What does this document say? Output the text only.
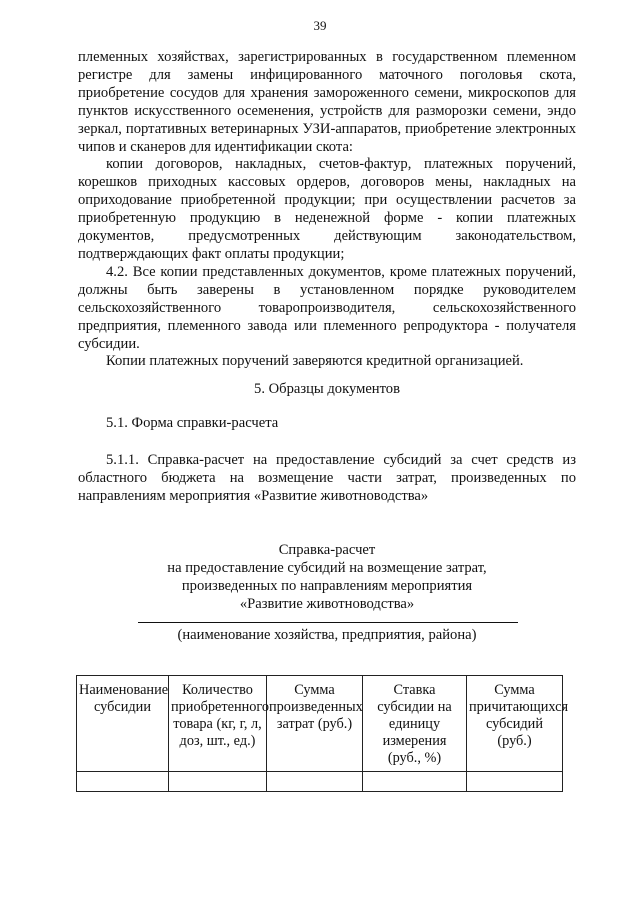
39

племенных хозяйствах, зарегистрированных в государственном племенном регистре для замены инфицированного маточного поголовья скота, приобретение сосудов для хранения замороженного семени, микроскопов для пунктов искусственного осеменения, устройств для разморозки семени, эндо зеркал, портативных ветеринарных УЗИ-аппаратов, приобретение электронных чипов и сканеров для идентификации скота:

копии договоров, накладных, счетов-фактур, платежных поручений, корешков приходных кассовых ордеров, договоров мены, накладных на оприходование приобретенной продукции; при осуществлении расчетов за приобретенную продукцию в неденежной форме - копии платежных документов, предусмотренных действующим законодательством, подтверждающих факт оплаты продукции;

4.2. Все копии представленных документов, кроме платежных поручений, должны быть заверены в установленном порядке руководителем сельскохозяйственного товаропроизводителя, сельскохозяйственного предприятия, племенного завода или племенного репродуктора - получателя субсидии.

Копии платежных поручений заверяются кредитной организацией.

5. Образцы документов
5.1. Форма справки-расчета

5.1.1. Справка-расчет на предоставление субсидий за счет средств из областного бюджета на возмещение части затрат, произведенных по направлениям мероприятия «Развитие животноводства»

Справка-расчет
на предоставление субсидий на возмещение затрат,
произведенных по направлениям мероприятия
«Развитие животноводства»
(наименование хозяйства, предприятия, района)
Наименование субсидии	Количество приобретенного товара (кг, г, л, доз, шт., ед.)	Сумма произведенных затрат (руб.)	Ставка субсидии на единицу измерения (руб., %)	Сумма причитающихся субсидий (руб.)
